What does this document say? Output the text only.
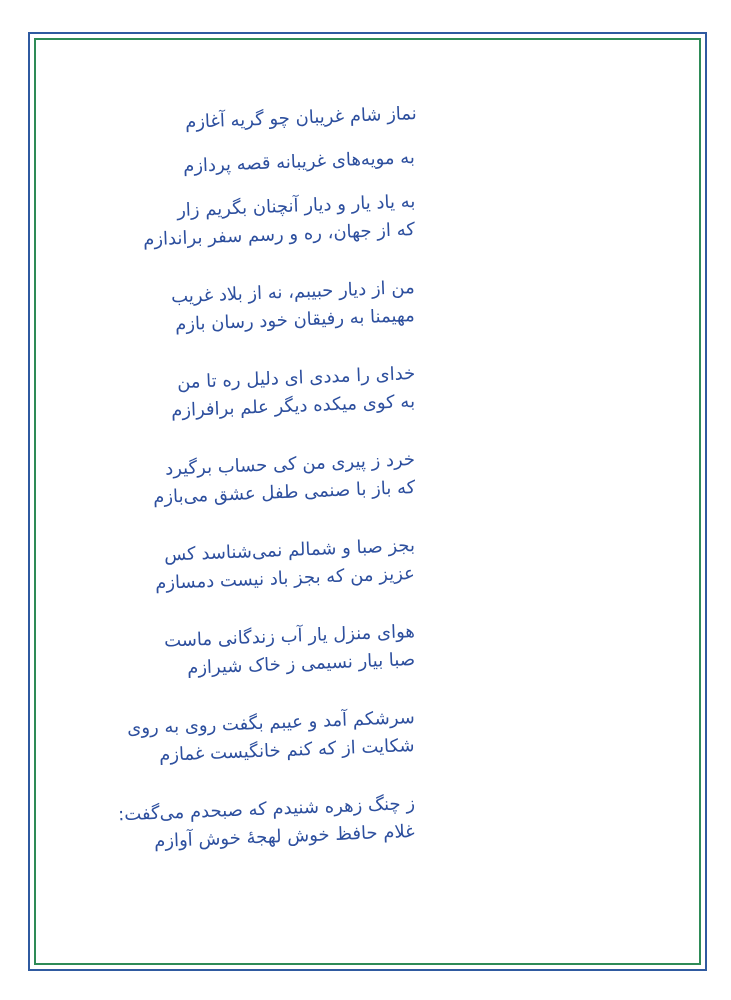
نماز شام غریبان چو گریه آغازم
به مویه‌های غریبانه قصه پردازم
به یاد یار و دیار آنچنان بگریم زار
که از جهان، ره و رسم سفر براندازم
من از دیار حبیبم، نه از بلاد غریب
مهیمنا به رفیقان خود رسان بازم
خدای را مددی ای دلیل ره تا من
به کوی میکده دیگر علم برافرازم
خرد ز پیری من کی حساب برگیرد
که باز با صنمی طفل عشق می‌بازم
بجز صبا و شمالم نمی‌شناسد کس
عزیز من که بجز باد نیست دمسازم
هوای منزل یار آب زندگانی ماست
صبا بیار نسیمی ز خاک شیرازم
سرشکم آمد و عیبم بگفت روی به روی
شکایت از که کنم خانگیست غمازم
ز چنگ زهره شنیدم که صبحدم می‌گفت:
غلام حافظ خوش لهجهٔ خوش آوازم
